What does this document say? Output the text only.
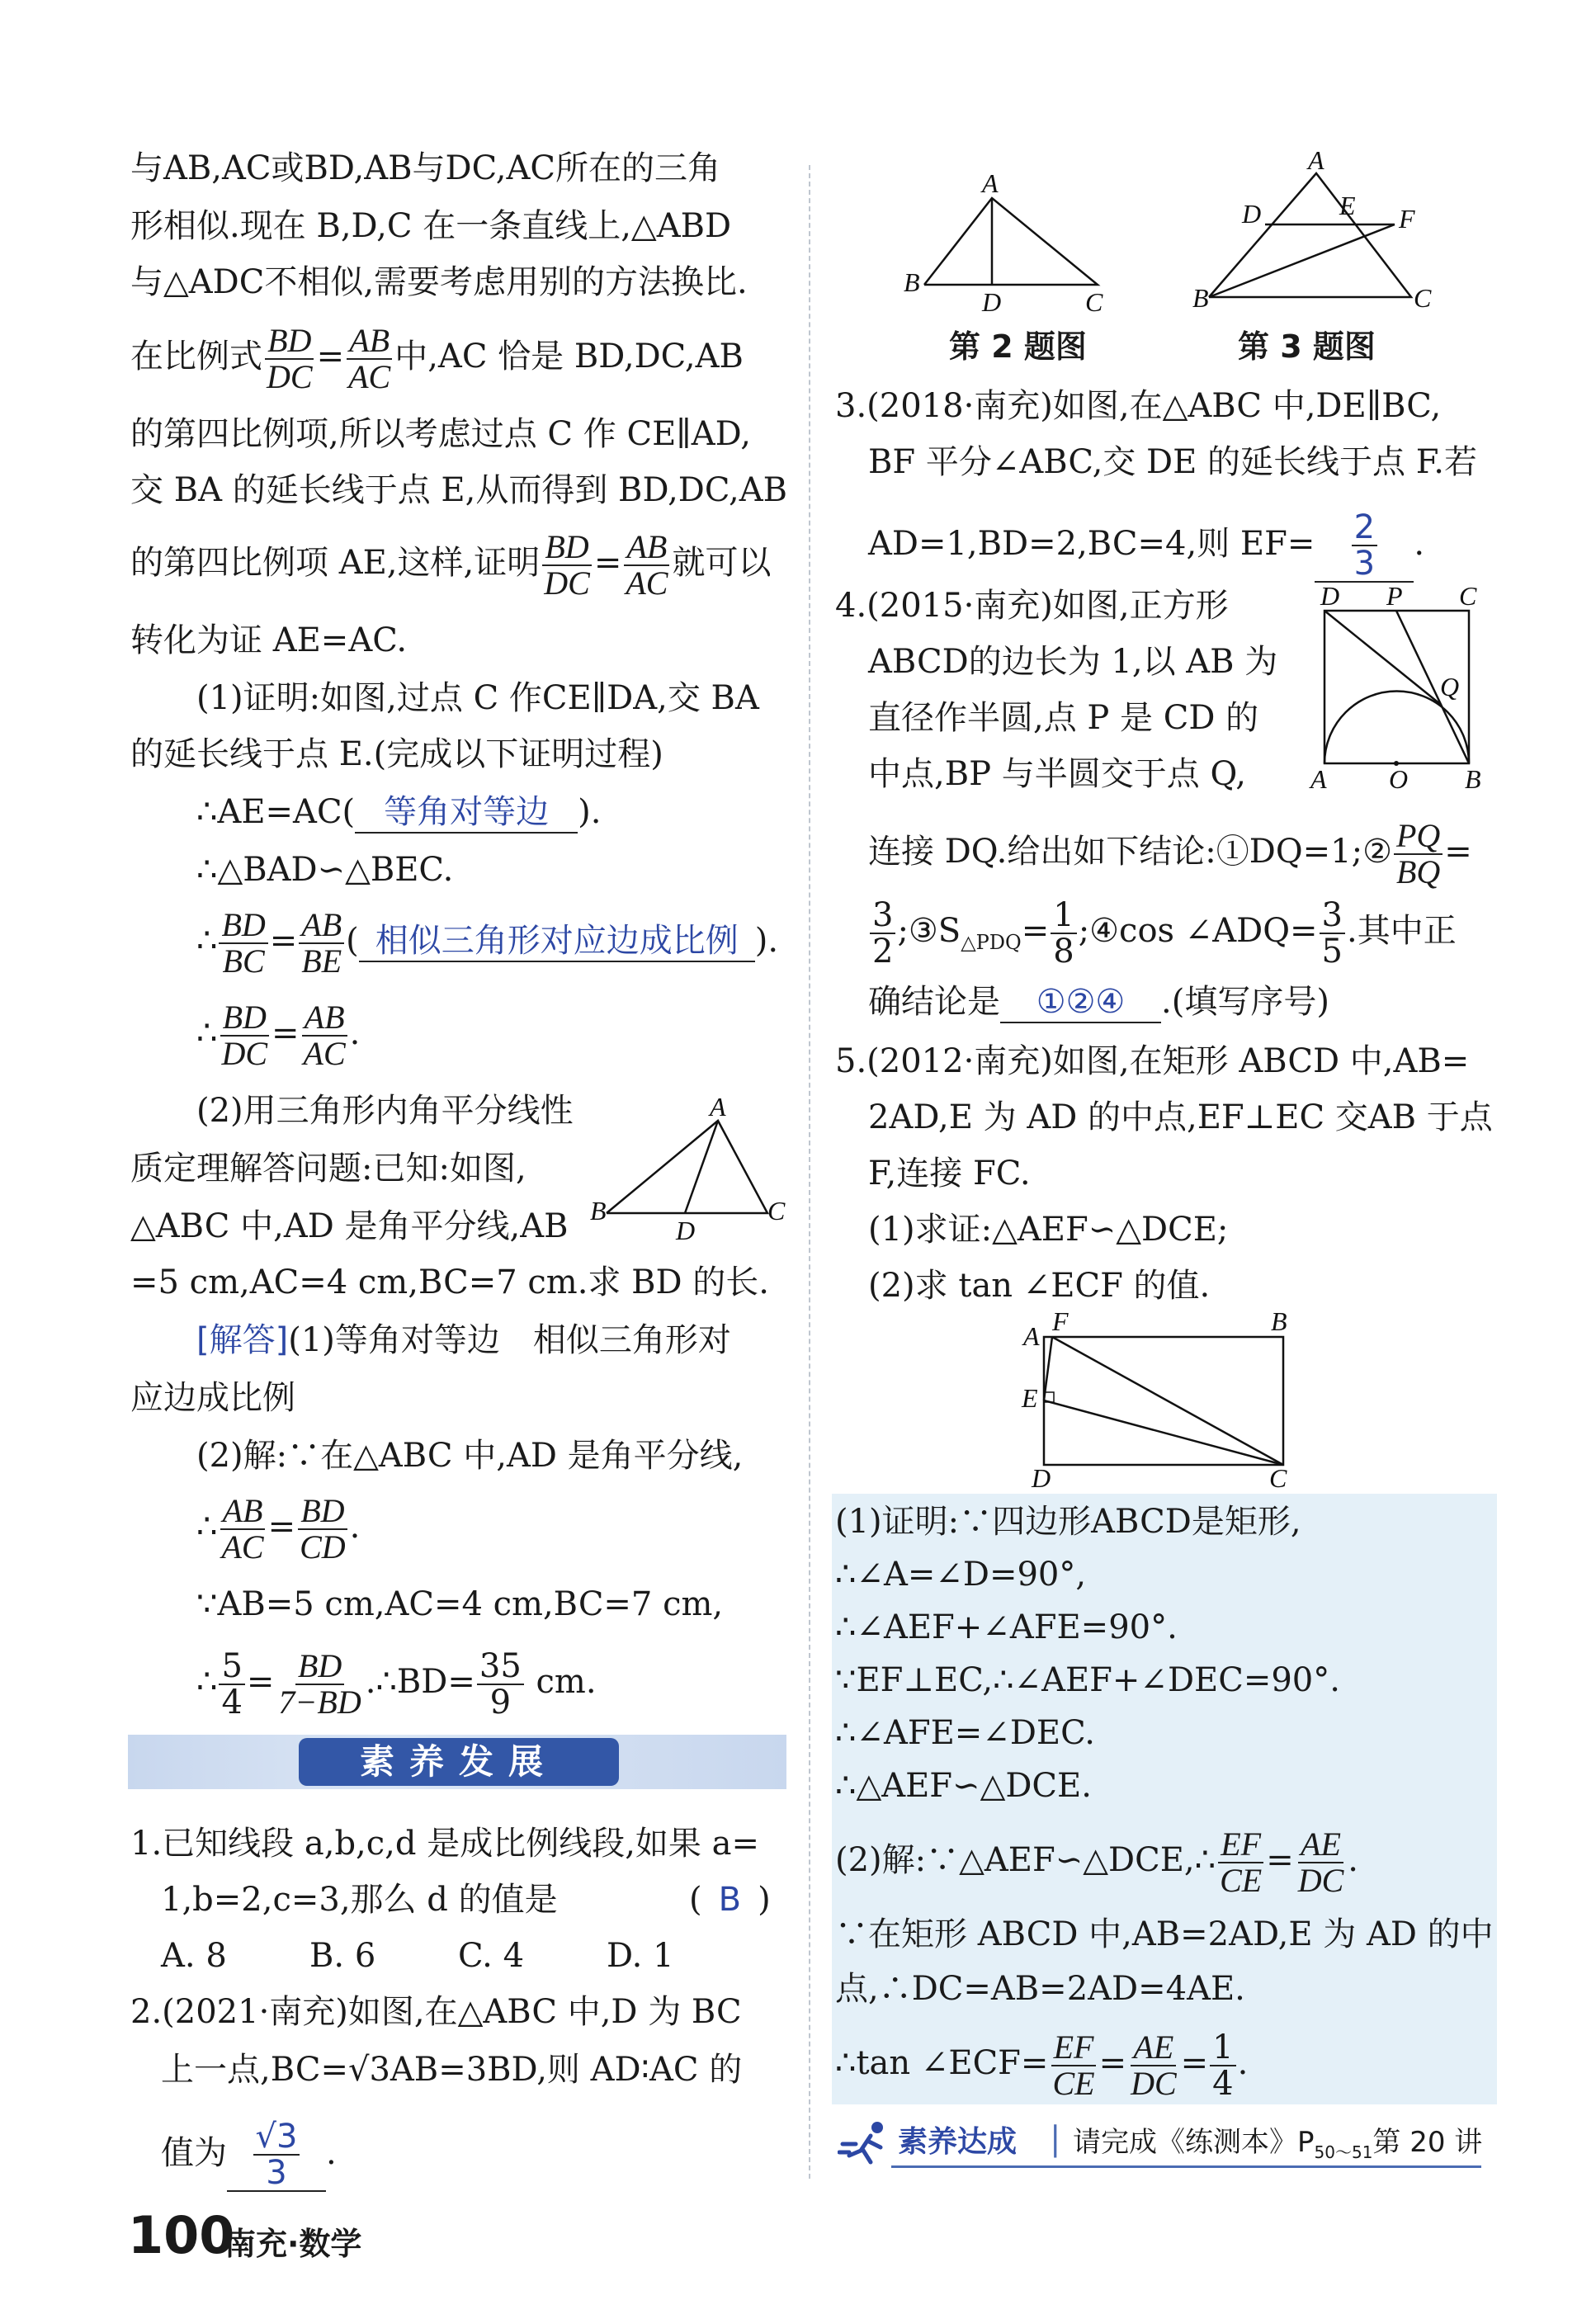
与AB,AC或BD,AB与DC,AC所在的三角
形相似.现在 B,D,C 在一条直线上,△ABD
与△ADC不相似,需要考虑用别的方法换比.
在比例式 $\frac{BD}{DC} = \frac{AB}{AC}$ 中,AC 恰是 BD,DC,AB
的第四比例项,所以考虑过点 C 作 CE∥AD,
交 BA 的延长线于点 E,从而得到 BD,DC,AB
的第四比例项 AE,这样,证明 $\frac{BD}{DC} = \frac{AB}{AC}$ 就可以
转化为证 AE=AC.
(1)证明:如图,过点 C 作CE∥DA,交 BA
的延长线于点 E.(完成以下证明过程)
∴AE=AC( 等角对等边 ).
∴△BAD∽△BEC.
∴ $\frac{BD}{BC} = \frac{AB}{BE}$ ( 相似三角形对应边成比例 ).
∴ $\frac{BD}{DC} = \frac{AB}{AC}$ .
(2)用三角形内角平分线性
质定理解答问题:已知:如图,
△ABC 中,AD 是角平分线,AB
=5 cm,AC=4 cm,BC=7 cm.求 BD 的长.
A
B
D
C
[解答](1)等角对等边　相似三角形对
应边成比例
(2)解:∵在△ABC 中,AD 是角平分线,
∴ $\frac{AB}{AC} = \frac{BD}{CD}$ .
∵AB=5 cm,AC=4 cm,BC=7 cm,
∴ $\frac{5}{4} = \frac{BD}{7-BD}$ .∴BD= $\frac{35}{9}$ cm.
素养发展
1.已知线段 a,b,c,d 是成比例线段,如果 a=
1,b=2,c=3,那么 d 的值是	( B )
A. 8	B. 6 C. 4 D. 1
2.(2021·南充)如图,在△ABC 中,D 为 BC
上一点,BC=√3AB=3BD,则 AD∶AC 的
值为 $\frac{√3}{3}$ .
100
南充·数学
A
B
D	C
第 2 题图
A
D	E F
B	C
第 3 题图
3.(2018·南充)如图,在△ABC 中,DE∥BC,
BF 平分∠ABC,交 DE 的延长线于点 F.若
AD=1,BD=2,BC=4,则 $EF= \frac{2}{3}$ .
4.(2015·南充)如图,正方形
ABCD的边长为 1,以 AB 为
直径作半圆,点 P 是 CD 的
中点,BP 与半圆交于点 Q,
D P C
Q
A O B
连接 DQ.给出如下结论:①DQ=1;② $\frac{PQ}{BQ}$ =
$\frac{3}{2}$ $;③S_{\triangle PDQ}= \frac{1}{8}$ ;④cos ∠ADQ= $\frac{3}{5}$ .其中正
确结论是 ①②④ .(填写序号)
5.(2012·南充)如图,在矩形 ABCD 中,AB=
2AD,E 为 AD 的中点,EF⊥EC 交AB 于点
F,连接 FC.
(1)求证:△AEF∽△DCE;
(2)求 tan ∠ECF 的值.
A F	B
E
D	C
(1)证明:∵四边形ABCD是矩形,
∴∠A=∠D=90°,
∴∠AEF+∠AFE=90°.
∵EF⊥EC,∴∠AEF+∠DEC=90°.
∴∠AFE=∠DEC.
∴△AEF∽△DCE.
(2)解:∵△AEF∽△DCE,∴ $\frac{EF}{CE} = \frac{AE}{DC}$ .
∵在矩形 ABCD 中,AB=2AD,E 为 AD 的中
点,∴DC=AB=2AD=4AE.
∴tan ∠ECF= $\frac{EF}{CE} = \frac{AE}{DC} = \frac{1}{4}$ .
素养达成 | 请完成《练测本》$P_{50\sim 51}$第 20 讲
